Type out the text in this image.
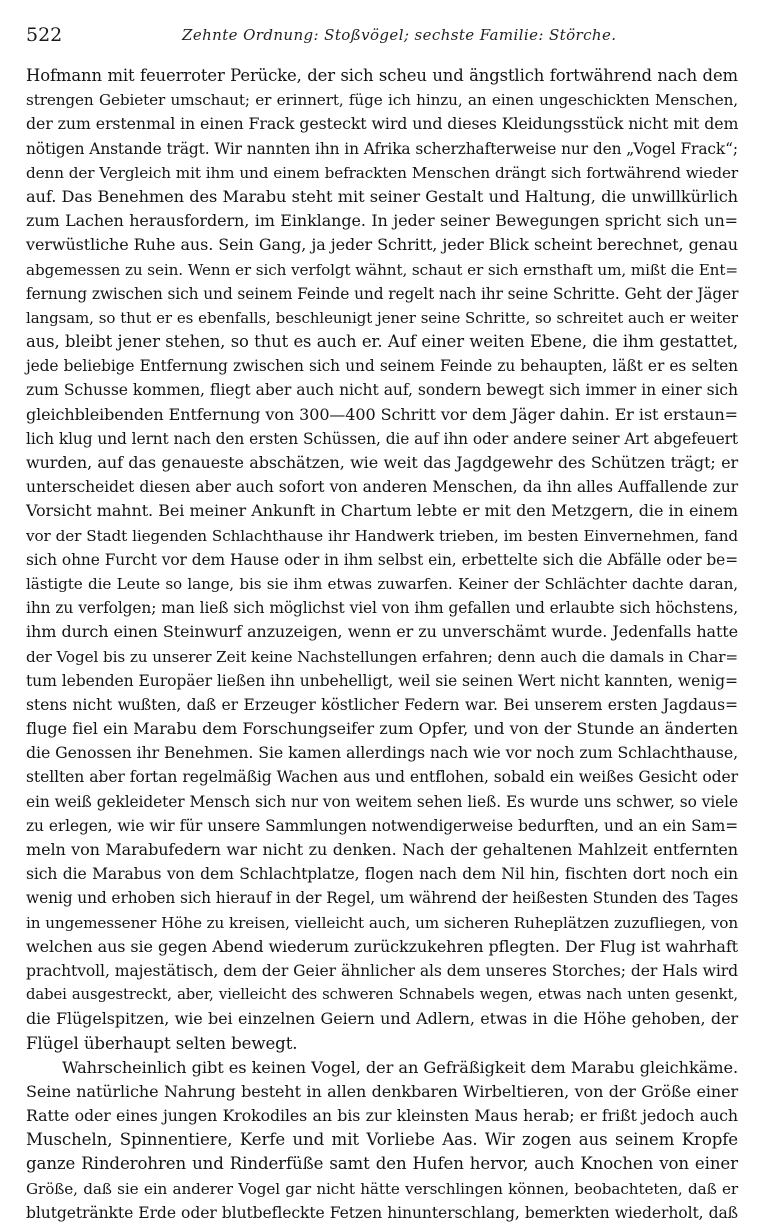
522	Zehnte Ordnung: Stoßvögel; sechste Familie: Störche.
Hofmann mit feuerroter Perücke, der sich scheu und ängstlich fortwährend nach dem
strengen Gebieter umschaut; er erinnert, füge ich hinzu, an einen ungeschickten Menschen,
der zum erstenmal in einen Frack gesteckt wird und dieses Kleidungsstück nicht mit dem
nötigen Anstande trägt. Wir nannten ihn in Afrika scherzhafterweise nur den „Vogel Frack“;
denn der Vergleich mit ihm und einem befrackten Menschen drängt sich fortwährend wieder
auf. Das Benehmen des Marabu steht mit seiner Gestalt und Haltung, die unwillkürlich
zum Lachen herausfordern, im Einklange. In jeder seiner Bewegungen spricht sich un=
verwüstliche Ruhe aus. Sein Gang, ja jeder Schritt, jeder Blick scheint berechnet, genau
abgemessen zu sein. Wenn er sich verfolgt wähnt, schaut er sich ernsthaft um, mißt die Ent=
fernung zwischen sich und seinem Feinde und regelt nach ihr seine Schritte. Geht der Jäger
langsam, so thut er es ebenfalls, beschleunigt jener seine Schritte, so schreitet auch er weiter
aus, bleibt jener stehen, so thut es auch er. Auf einer weiten Ebene, die ihm gestattet,
jede beliebige Entfernung zwischen sich und seinem Feinde zu behaupten, läßt er es selten
zum Schusse kommen, fliegt aber auch nicht auf, sondern bewegt sich immer in einer sich
gleichbleibenden Entfernung von 300—400 Schritt vor dem Jäger dahin. Er ist erstaun=
lich klug und lernt nach den ersten Schüssen, die auf ihn oder andere seiner Art abgefeuert
wurden, auf das genaueste abschätzen, wie weit das Jagdgewehr des Schützen trägt; er
unterscheidet diesen aber auch sofort von anderen Menschen, da ihn alles Auffallende zur
Vorsicht mahnt. Bei meiner Ankunft in Chartum lebte er mit den Metzgern, die in einem
vor der Stadt liegenden Schlachthause ihr Handwerk trieben, im besten Einvernehmen, fand
sich ohne Furcht vor dem Hause oder in ihm selbst ein, erbettelte sich die Abfälle oder be=
lästigte die Leute so lange, bis sie ihm etwas zuwarfen. Keiner der Schlächter dachte daran,
ihn zu verfolgen; man ließ sich möglichst viel von ihm gefallen und erlaubte sich höchstens,
ihm durch einen Steinwurf anzuzeigen, wenn er zu unverschämt wurde. Jedenfalls hatte
der Vogel bis zu unserer Zeit keine Nachstellungen erfahren; denn auch die damals in Char=
tum lebenden Europäer ließen ihn unbehelligt, weil sie seinen Wert nicht kannten, wenig=
stens nicht wußten, daß er Erzeuger köstlicher Federn war. Bei unserem ersten Jagdaus=
fluge fiel ein Marabu dem Forschungseifer zum Opfer, und von der Stunde an änderten
die Genossen ihr Benehmen. Sie kamen allerdings nach wie vor noch zum Schlachthause,
stellten aber fortan regelmäßig Wachen aus und entflohen, sobald ein weißes Gesicht oder
ein weiß gekleideter Mensch sich nur von weitem sehen ließ. Es wurde uns schwer, so viele
zu erlegen, wie wir für unsere Sammlungen notwendigerweise bedurften, und an ein Sam=
meln von Marabufedern war nicht zu denken. Nach der gehaltenen Mahlzeit entfernten
sich die Marabus von dem Schlachtplatze, flogen nach dem Nil hin, fischten dort noch ein
wenig und erhoben sich hierauf in der Regel, um während der heißesten Stunden des Tages
in ungemessener Höhe zu kreisen, vielleicht auch, um sicheren Ruheplätzen zuzufliegen, von
welchen aus sie gegen Abend wiederum zurückzukehren pflegten. Der Flug ist wahrhaft
prachtvoll, majestätisch, dem der Geier ähnlicher als dem unseres Storches; der Hals wird
dabei ausgestreckt, aber, vielleicht des schweren Schnabels wegen, etwas nach unten gesenkt,
die Flügelspitzen, wie bei einzelnen Geiern und Adlern, etwas in die Höhe gehoben, der
Flügel überhaupt selten bewegt.
Wahrscheinlich gibt es keinen Vogel, der an Gefräßigkeit dem Marabu gleichkäme.
Seine natürliche Nahrung besteht in allen denkbaren Wirbeltieren, von der Größe einer
Ratte oder eines jungen Krokodiles an bis zur kleinsten Maus herab; er frißt jedoch auch
Muscheln, Spinnentiere, Kerfe und mit Vorliebe Aas. Wir zogen aus seinem Kropfe
ganze Rinderohren und Rinderfüße samt den Hufen hervor, auch Knochen von einer
Größe, daß sie ein anderer Vogel gar nicht hätte verschlingen können, beobachteten, daß er
blutgetränkte Erde oder blutbefleckte Fetzen hinunterschlang, bemerkten wiederholt, daß
